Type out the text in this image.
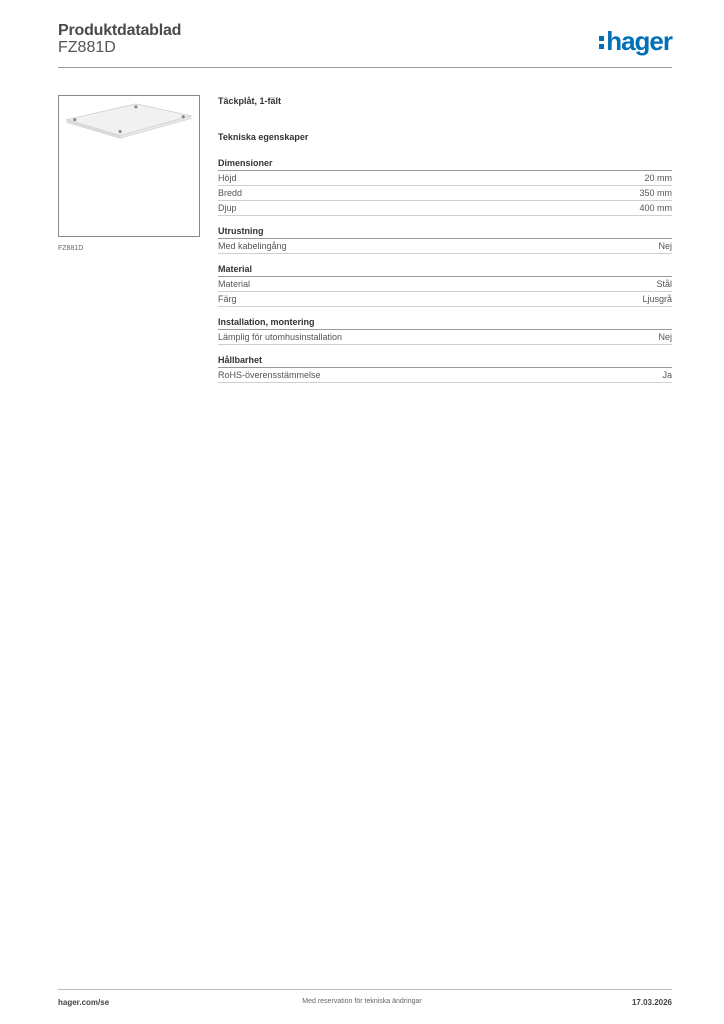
Produktdatablad
FZ881D	hager
FZ881D
Täckplåt, 1-fält
Tekniska egenskaper
Dimensioner
Höjd	20 mm
Bredd	350 mm
Djup	400 mm
Utrustning
Med kabelingång	Nej
Material
Material	Stål
Färg	Ljusgrå
Installation, montering
Lämplig för utomhusinstallation	Nej
Hållbarhet
RoHS-överensstämmelse	Ja
hager.com/se	Med reservation för tekniska ändringar	17.03.2026
